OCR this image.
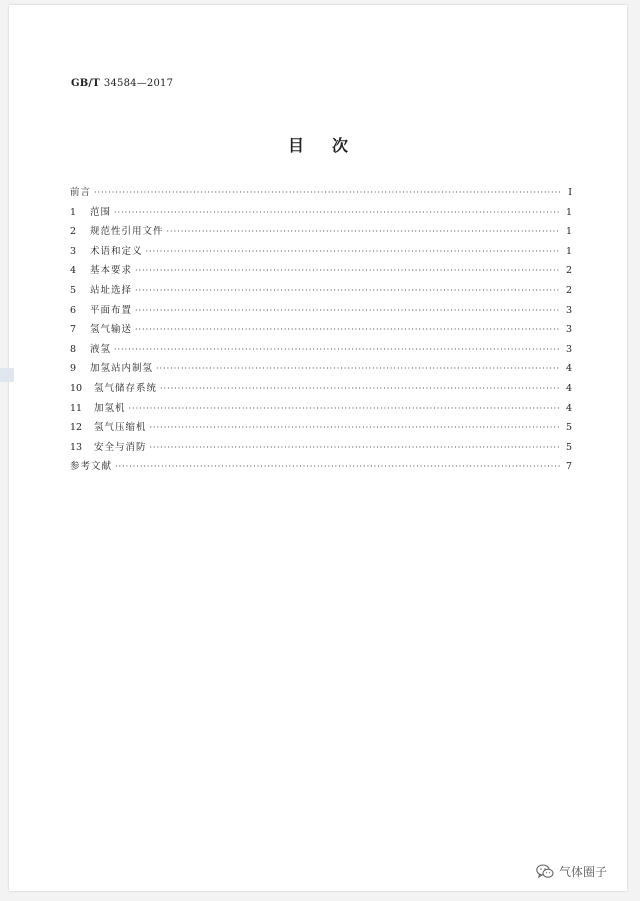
GB/T 34584—2017
目次
前言 ·····	I
1	范围 ·····	1
2	规范性引用文件 ·····	1
3	术语和定义 ·····	1
4	基本要求 ·····	2
5	站址选择 ·····	2
6	平面布置 ·····	3
7	氢气输送 ·····	3
8	液氢 ·····	3
9	加氢站内制氢 ·····	4
10	氢气储存系统 ·····	4
11	加氢机 ·····	4
12	氢气压缩机 ·····	5
13	安全与消防 ·····	5
参考文献 ·····	7
气体圈子
